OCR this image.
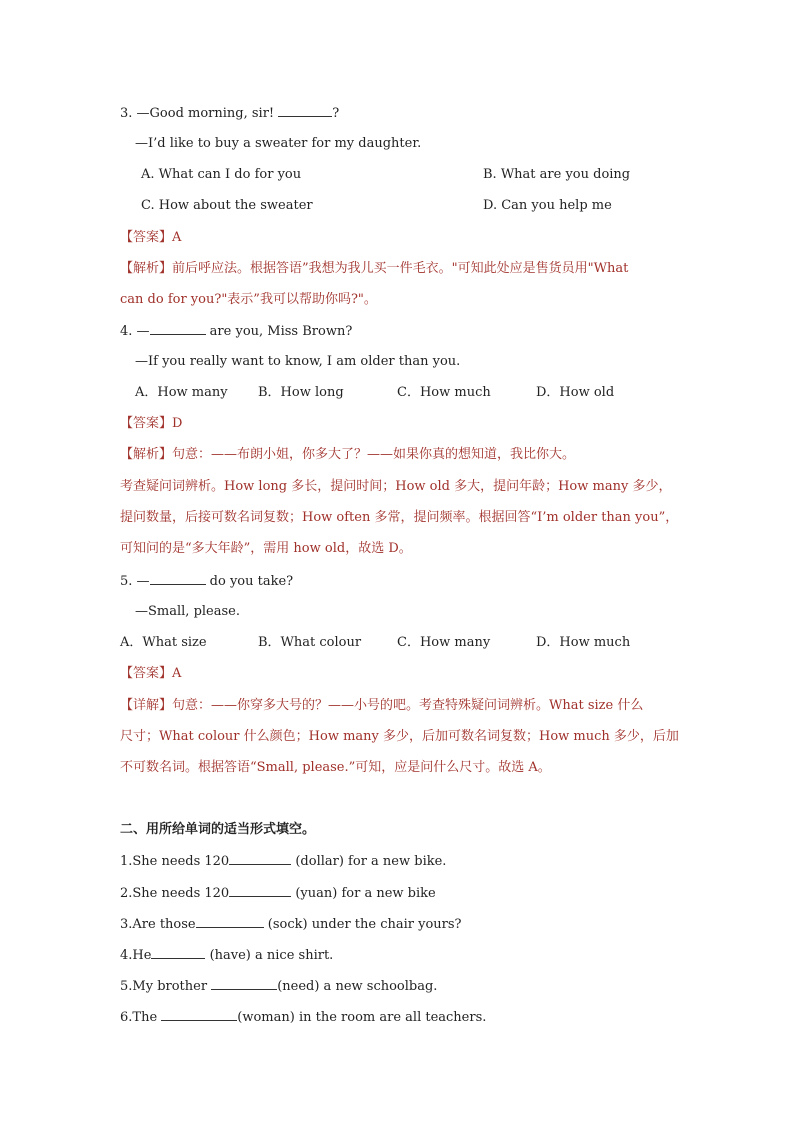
3. —Good morning, sir!	?
—I’d like to buy a sweater for my daughter.
A. What can I do for you	B. What are you doing
C. How about the sweater	D. Can you help me
【答案】A
【解析】前后呼应法。根据答语”我想为我儿买一件毛衣。"可知此处应是售货员用"What
can do for you?"表示”我可以帮助你吗?"。
4. —	are you, Miss Brown?
—If you really want to know, I am older than you.
A．How many B．How long	C．How much	D．How old
【答案】D
【解析】句意：——布朗小姐，你多大了？——如果你真的想知道，我比你大。
考查疑问词辨析。How long 多长，提问时间；How old 多大，提问年龄；How many 多少，
提问数量，后接可数名词复数；How often 多常，提问频率。根据回答“I’m older than you”，
可知问的是“多大年龄”，需用 how old，故选 D。
5. —	do you take?
—Small, please.
A．What size	B．What colour	C．How many	D．How much
【答案】A
【详解】句意：——你穿多大号的？——小号的吧。考查特殊疑问词辨析。What size 什么
尺寸；What colour 什么颜色；How many 多少，后加可数名词复数；How much 多少，后加
不可数名词。根据答语“Small, please.”可知，应是问什么尺寸。故选 A。
二、用所给单词的适当形式填空。
1.She needs 120	(dollar) for a new bike.
2.She needs 120	(yuan) for a new bike
3.Are those	(sock) under the chair yours?
4.He	(have) a nice shirt.
5.My brother	(need) a new schoolbag.
6.The	(woman) in the room are all teachers.
